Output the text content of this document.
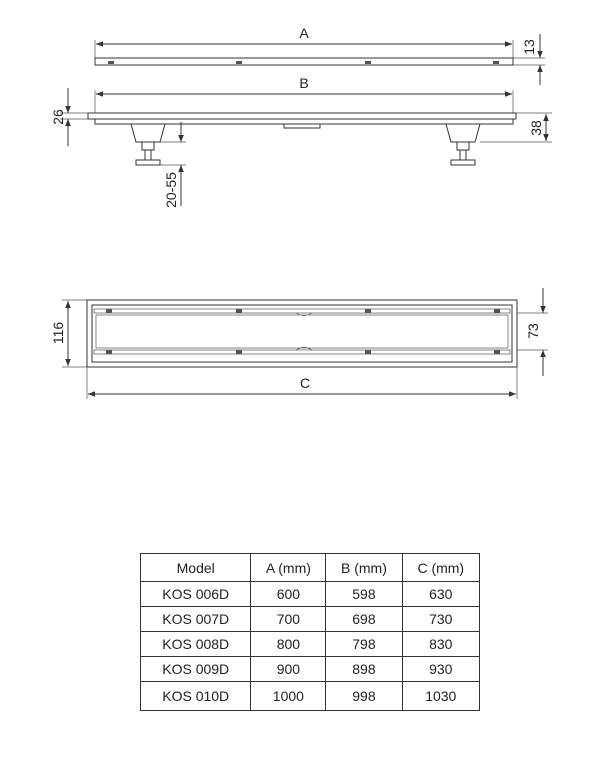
A
13
B
26
38
20-55
116	73
C
Model	A (mm)	B (mm)	C (mm)
KOS 006D	600	598	630
KOS 007D	700	698	730
KOS 008D	800	798	830
KOS 009D	900	898	930
KOS 010D	1000	998	1030
